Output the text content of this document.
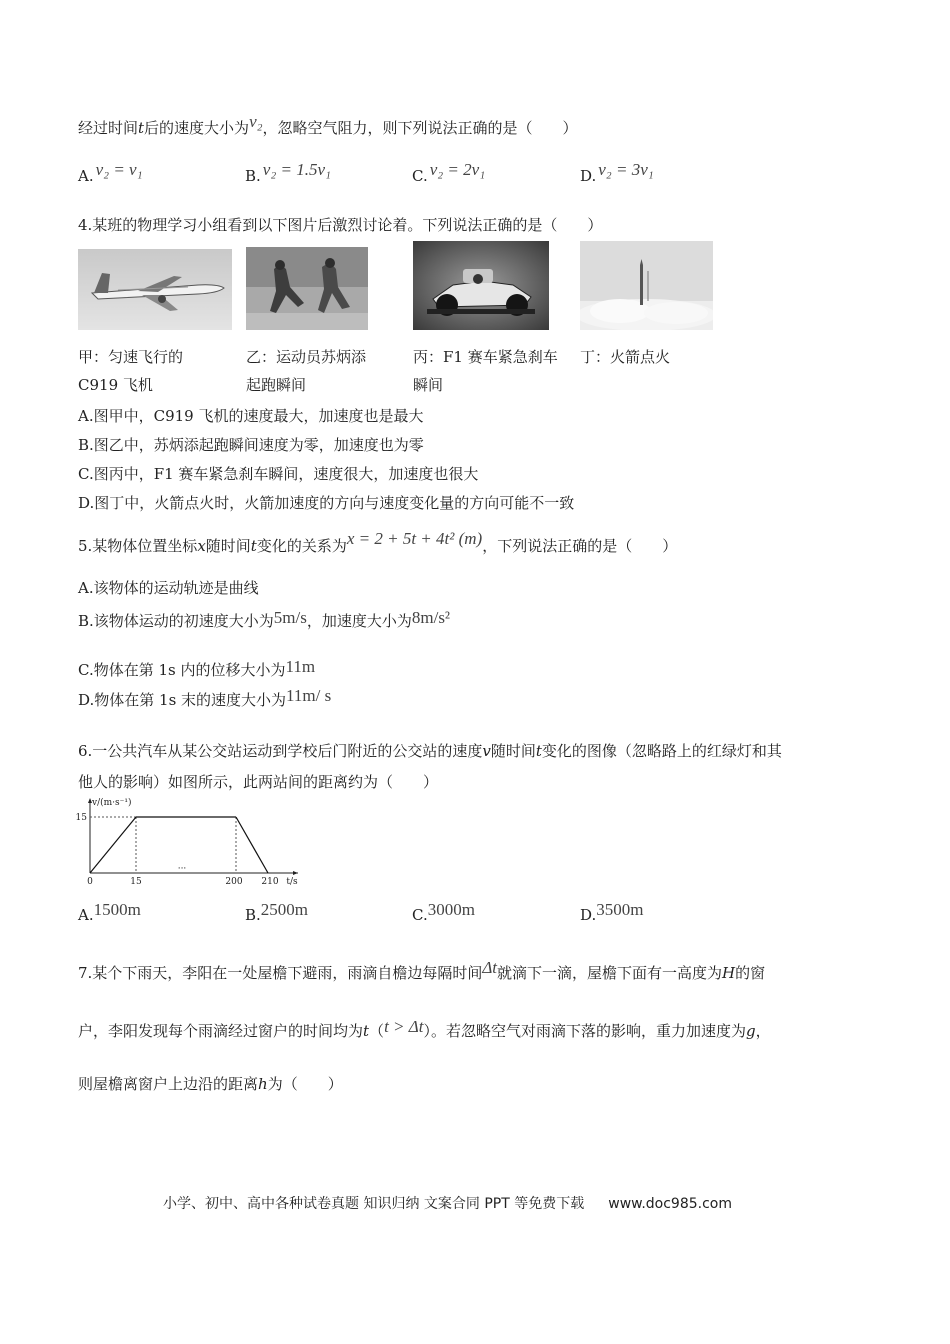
经过时间t后的速度大小为v₂，忽略空气阻力，则下列说法正确的是（　　）
A. v₂ = v₁	B. v₂ = 1.5v₁	C. v₂ = 2v₁	D. v₂ = 3v₁
4.某班的物理学习小组看到以下图片后激烈讨论着。下列说法正确的是（　　）
甲：匀速飞行的
C919 飞机
乙：运动员苏炳添
起跑瞬间
丙：F1 赛车紧急刹车
瞬间
丁：火箭点火
A.图甲中，C919 飞机的速度最大，加速度也是最大
B.图乙中，苏炳添起跑瞬间速度为零，加速度也为零
C.图丙中，F1 赛车紧急刹车瞬间，速度很大，加速度也很大
D.图丁中，火箭点火时，火箭加速度的方向与速度变化量的方向可能不一致
5.某物体位置坐标x随时间t变化的关系为x = 2 + 5t + 4t² (m)，下列说法正确的是（　　）
A.该物体的运动轨迹是曲线
B.该物体运动的初速度大小为5m/s，加速度大小为8m/s²
C.物体在第 1s 内的位移大小为11m
D.物体在第 1s 末的速度大小为11m/ s
6.一公共汽车从某公交站运动到学校后门附近的公交站的速度v随时间t变化的图像（忽略路上的红绿灯和其
他人的影响）如图所示，此两站间的距离约为（　　）
0	15
···
200 210
15
v/(m·s⁻¹)
t/s
A.1500m	B.2500m	C.3000m	D.3500m
7.某个下雨天，李阳在一处屋檐下避雨，雨滴自檐边每隔时间Δt就滴下一滴，屋檐下面有一高度为H的窗
户，李阳发现每个雨滴经过窗户的时间均为t（t > Δt）。若忽略空气对雨滴下落的影响，重力加速度为g，
则屋檐离窗户上边沿的距离h为（　　）
小学、初中、高中各种试卷真题 知识归纳 文案合同 PPT 等免费下载 www.doc985.com
